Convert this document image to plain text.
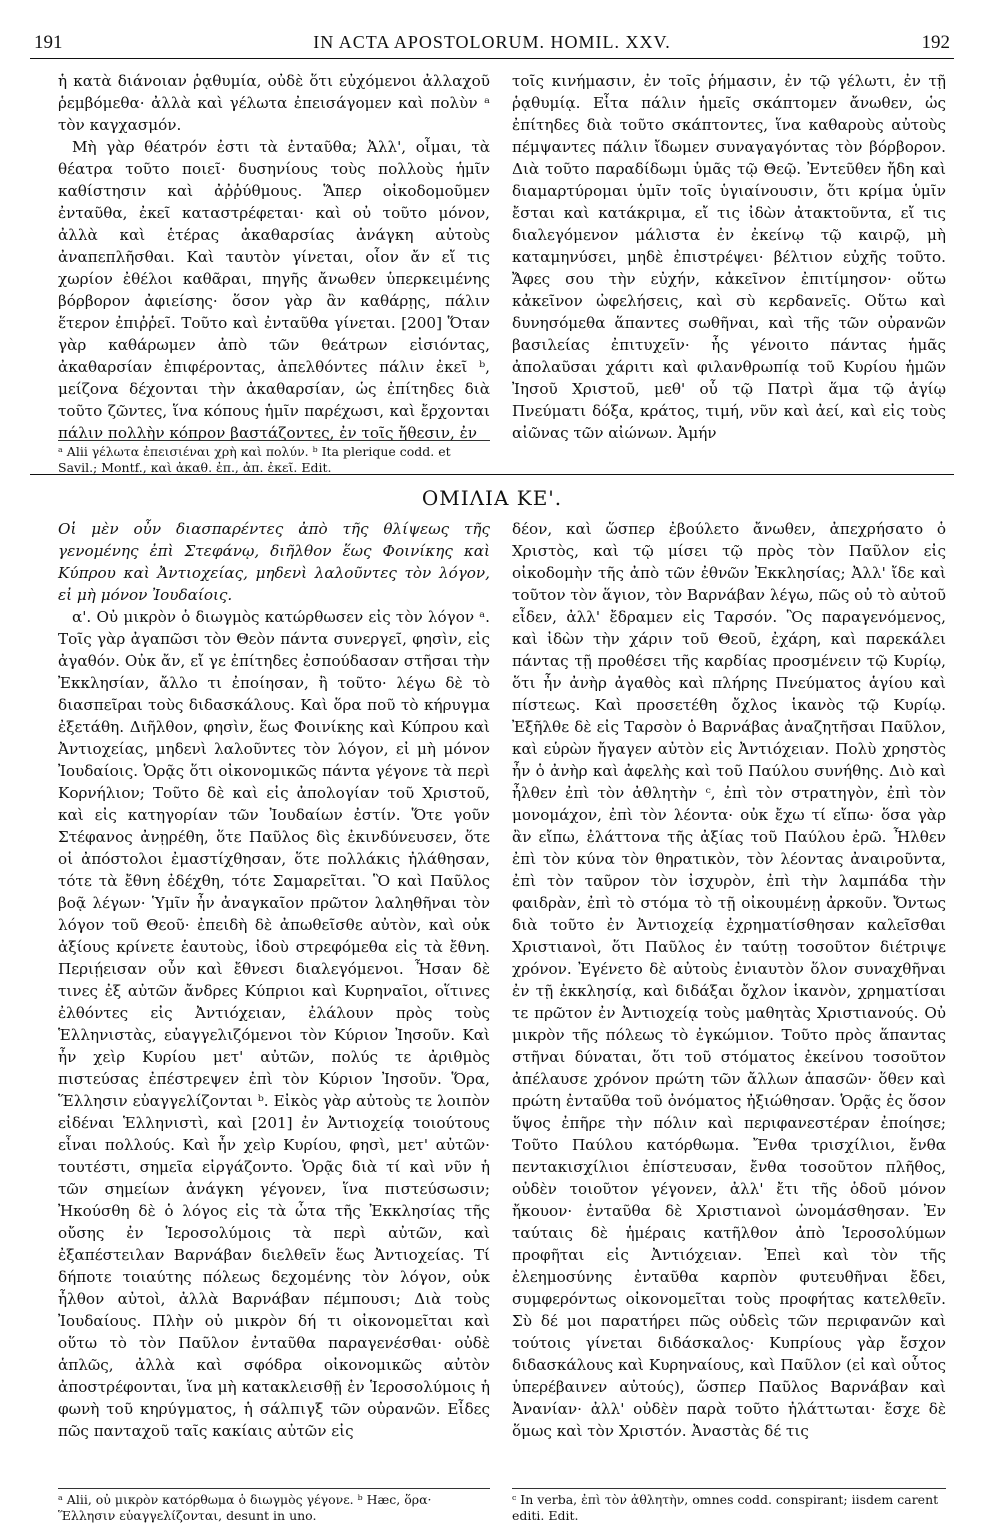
191	IN ACTA APOSTOLORUM. HOMIL. XXV.	192

ἡ κατὰ διάνοιαν ῥᾳθυμία, οὐδὲ ὅτι εὐχόμενοι ἀλλαχοῦ ῥεμβόμεθα· ἀλλὰ καὶ γέλωτα ἐπεισάγομεν καὶ πολὺν ᵃ τὸν καγχασμόν.

Μὴ γὰρ θέατρόν ἐστι τὰ ἐνταῦθα; Ἀλλ', οἶμαι, τὰ θέατρα τοῦτο ποιεῖ· δυσηνίους τοὺς πολλοὺς ἡμῖν καθίστησιν καὶ ἀῤῥύθμους. Ἅπερ οἰκοδομοῦμεν ἐνταῦθα, ἐκεῖ καταστρέφεται· καὶ οὐ τοῦτο μόνον, ἀλλὰ καὶ ἑτέρας ἀκαθαρσίας ἀνάγκη αὐτοὺς ἀναπεπλῆσθαι. Καὶ ταυτὸν γίνεται, οἷον ἄν εἴ τις χωρίον ἐθέλοι καθᾶραι, πηγῆς ἄνωθεν ὑπερκειμένης βόρβορον ἀφιείσης· ὅσον γὰρ ἂν καθάρῃς, πάλιν ἕτερον ἐπιῤῥεῖ. Τοῦτο καὶ ἐνταῦθα γίνεται. [200] Ὅταν γὰρ καθάρωμεν ἀπὸ τῶν θεάτρων εἰσιόντας, ἀκαθαρσίαν ἐπιφέροντας, ἀπελθόντες πάλιν ἐκεῖ ᵇ, μείζονα δέχονται τὴν ἀκαθαρσίαν, ὡς ἐπίτηδες διὰ τοῦτο ζῶντες, ἵνα κόπους ἡμῖν παρέχωσι, καὶ ἔρχονται πάλιν πολλὴν κόπρον βαστάζοντες, ἐν τοῖς ἤθεσιν, ἐν

ᵃ Alii γέλωτα ἐπεισιέναι χρὴ καὶ πολύν. ᵇ Ita plerique codd. et Savil.; Montf., καὶ ἀκαθ. ἐπ., ἀπ. ἐκεῖ. Edit.

τοῖς κινήμασιν, ἐν τοῖς ῥήμασιν, ἐν τῷ γέλωτι, ἐν τῇ ῥᾳθυμίᾳ. Εἶτα πάλιν ἡμεῖς σκάπτομεν ἄνωθεν, ὡς ἐπίτηδες διὰ τοῦτο σκάπτοντες, ἵνα καθαροὺς αὐτοὺς πέμψαντες πάλιν ἴδωμεν συναγαγόντας τὸν βόρβορον. Διὰ τοῦτο παραδίδωμι ὑμᾶς τῷ Θεῷ. Ἐντεῦθεν ἤδη καὶ διαμαρτύρομαι ὑμῖν τοῖς ὑγιαίνουσιν, ὅτι κρίμα ὑμῖν ἔσται καὶ κατάκριμα, εἴ τις ἰδὼν ἀτακτοῦντα, εἴ τις διαλεγόμενον μάλιστα ἐν ἐκείνῳ τῷ καιρῷ, μὴ καταμηνύσει, μηδὲ ἐπιστρέψει· βέλτιον εὐχῆς τοῦτο. Ἄφες σου τὴν εὐχήν, κἀκεῖνον ἐπιτίμησον· οὕτω κἀκεῖνον ὠφελήσεις, καὶ σὺ κερδανεῖς. Οὕτω καὶ δυνησόμεθα ἅπαντες σωθῆναι, καὶ τῆς τῶν οὐρανῶν βασιλείας ἐπιτυχεῖν· ἧς γένοιτο πάντας ἡμᾶς ἀπολαῦσαι χάριτι καὶ φιλανθρωπίᾳ τοῦ Κυρίου ἡμῶν Ἰησοῦ Χριστοῦ, μεθ' οὗ τῷ Πατρὶ ἅμα τῷ ἁγίῳ Πνεύματι δόξα, κράτος, τιμή, νῦν καὶ ἀεί, καὶ εἰς τοὺς αἰῶνας τῶν αἰώνων. Ἀμήν

ΟΜΙΛΙΑ ΚΕ'.

Οἱ μὲν οὖν διασπαρέντες ἀπὸ τῆς θλίψεως τῆς γενομένης ἐπὶ Στεφάνῳ, διῆλθον ἕως Φοινίκης καὶ Κύπρου καὶ Ἀντιοχείας, μηδενὶ λαλοῦντες τὸν λόγον, εἰ μὴ μόνον Ἰουδαίοις.

α'. Οὐ μικρὸν ὁ διωγμὸς κατώρθωσεν εἰς τὸν λόγον ᵃ. Τοῖς γὰρ ἀγαπῶσι τὸν Θεὸν πάντα συνεργεῖ, φησὶν, εἰς ἀγαθόν. Οὐκ ἄν, εἴ γε ἐπίτηδες ἐσπούδασαν στῆσαι τὴν Ἐκκλησίαν, ἄλλο τι ἐποίησαν, ἢ τοῦτο· λέγω δὲ τὸ διασπεῖραι τοὺς διδασκάλους. Καὶ ὅρα ποῦ τὸ κήρυγμα ἐξετάθη. Διῆλθον, φησὶν, ἕως Φοινίκης καὶ Κύπρου καὶ Ἀντιοχείας, μηδενὶ λαλοῦντες τὸν λόγον, εἰ μὴ μόνον Ἰουδαίοις. Ὁρᾷς ὅτι οἰκονομικῶς πάντα γέγονε τὰ περὶ Κορνήλιον; Τοῦτο δὲ καὶ εἰς ἀπολογίαν τοῦ Χριστοῦ, καὶ εἰς κατηγορίαν τῶν Ἰουδαίων ἐστίν. Ὅτε γοῦν Στέφανος ἀνῃρέθη, ὅτε Παῦλος δὶς ἐκινδύνευσεν, ὅτε οἱ ἀπόστολοι ἐμαστίχθησαν, ὅτε πολλάκις ἠλάθησαν, τότε τὰ ἔθνη ἐδέχθη, τότε Σαμαρεῖται. Ὃ καὶ Παῦλος βοᾷ λέγων· Ὑμῖν ἦν ἀναγκαῖον πρῶτον λαληθῆναι τὸν λόγον τοῦ Θεοῦ· ἐπειδὴ δὲ ἀπωθεῖσθε αὐτὸν, καὶ οὐκ ἀξίους κρίνετε ἑαυτοὺς, ἰδοὺ στρεφόμεθα εἰς τὰ ἔθνη. Περιῄεισαν οὖν καὶ ἔθνεσι διαλεγόμενοι. Ἦσαν δὲ τινες ἐξ αὐτῶν ἄνδρες Κύπριοι καὶ Κυρηναῖοι, οἵτινες ἐλθόντες εἰς Ἀντιόχειαν, ἐλάλουν πρὸς τοὺς Ἑλληνιστὰς, εὐαγγελιζόμενοι τὸν Κύριον Ἰησοῦν. Καὶ ἦν χεὶρ Κυρίου μετ' αὐτῶν, πολύς τε ἀριθμὸς πιστεύσας ἐπέστρεψεν ἐπὶ τὸν Κύριον Ἰησοῦν. Ὅρα, Ἕλλησιν εὐαγγελίζονται ᵇ. Εἰκὸς γὰρ αὐτοὺς τε λοιπὸν εἰδέναι Ἑλληνιστὶ, καὶ [201] ἐν Ἀντιοχείᾳ τοιούτους εἶναι πολλούς. Καὶ ἦν χεὶρ Κυρίου, φησὶ, μετ' αὐτῶν· τουτέστι, σημεῖα εἰργάζοντο. Ὁρᾷς διὰ τί καὶ νῦν ἡ τῶν σημείων ἀνάγκη γέγονεν, ἵνα πιστεύσωσιν; Ἠκούσθη δὲ ὁ λόγος εἰς τὰ ὦτα τῆς Ἐκκλησίας τῆς οὔσης ἐν Ἱεροσολύμοις τὰ περὶ αὐτῶν, καὶ ἐξαπέστειλαν Βαρνάβαν διελθεῖν ἕως Ἀντιοχείας. Τί δήποτε τοιαύτης πόλεως δεχομένης τὸν λόγον, οὐκ ἦλθον αὐτοὶ, ἀλλὰ Βαρνάβαν πέμπουσι; Διὰ τοὺς Ἰουδαίους. Πλὴν οὐ μικρὸν δή τι οἰκονομεῖται καὶ οὕτω τὸ τὸν Παῦλον ἐνταῦθα παραγενέσθαι· οὐδὲ ἁπλῶς, ἀλλὰ καὶ σφόδρα οἰκονομικῶς αὐτὸν ἀποστρέφονται, ἵνα μὴ κατακλεισθῇ ἐν Ἱεροσολύμοις ἡ φωνὴ τοῦ κηρύγματος, ἡ σάλπιγξ τῶν οὐρανῶν. Εἶδες πῶς πανταχοῦ ταῖς κακίαις αὐτῶν εἰς

ᵃ Alii, οὐ μικρὸν κατόρθωμα ὁ διωγμὸς γέγονε. ᵇ Hæc, ὅρα· Ἕλλησιν εὐαγγελίζονται, desunt in uno.

δέον, καὶ ὥσπερ ἐβούλετο ἄνωθεν, ἀπεχρήσατο ὁ Χριστὸς, καὶ τῷ μίσει τῷ πρὸς τὸν Παῦλον εἰς οἰκοδομὴν τῆς ἀπὸ τῶν ἐθνῶν Ἐκκλησίας; Ἀλλ' ἴδε καὶ τοῦτον τὸν ἅγιον, τὸν Βαρνάβαν λέγω, πῶς οὐ τὸ αὐτοῦ εἶδεν, ἀλλ' ἔδραμεν εἰς Ταρσόν. Ὃς παραγενόμενος, καὶ ἰδὼν τὴν χάριν τοῦ Θεοῦ, ἐχάρη, καὶ παρεκάλει πάντας τῇ προθέσει τῆς καρδίας προσμένειν τῷ Κυρίῳ, ὅτι ἦν ἀνὴρ ἀγαθὸς καὶ πλήρης Πνεύματος ἁγίου καὶ πίστεως. Καὶ προσετέθη ὄχλος ἱκανὸς τῷ Κυρίῳ. Ἐξῆλθε δὲ εἰς Ταρσὸν ὁ Βαρνάβας ἀναζητῆσαι Παῦλον, καὶ εὑρὼν ἤγαγεν αὐτὸν εἰς Ἀντιόχειαν. Πολὺ χρηστὸς ἦν ὁ ἀνὴρ καὶ ἀφελὴς καὶ τοῦ Παύλου συνήθης. Διὸ καὶ ἦλθεν ἐπὶ τὸν ἀθλητὴν ᶜ, ἐπὶ τὸν στρατηγὸν, ἐπὶ τὸν μονομάχον, ἐπὶ τὸν λέοντα· οὐκ ἔχω τί εἴπω· ὅσα γὰρ ἂν εἴπω, ἐλάττονα τῆς ἀξίας τοῦ Παύλου ἐρῶ. Ἦλθεν ἐπὶ τὸν κύνα τὸν θηρατικὸν, τὸν λέοντας ἀναιροῦντα, ἐπὶ τὸν ταῦρον τὸν ἰσχυρὸν, ἐπὶ τὴν λαμπάδα τὴν φαιδρὰν, ἐπὶ τὸ στόμα τὸ τῇ οἰκουμένῃ ἀρκοῦν. Ὄντως διὰ τοῦτο ἐν Ἀντιοχείᾳ ἐχρηματίσθησαν καλεῖσθαι Χριστιανοὶ, ὅτι Παῦλος ἐν ταύτῃ τοσοῦτον διέτριψε χρόνον. Ἐγένετο δὲ αὐτοὺς ἐνιαυτὸν ὅλον συναχθῆναι ἐν τῇ ἐκκλησίᾳ, καὶ διδάξαι ὄχλον ἱκανὸν, χρηματίσαι τε πρῶτον ἐν Ἀντιοχείᾳ τοὺς μαθητὰς Χριστιανούς. Οὐ μικρὸν τῆς πόλεως τὸ ἐγκώμιον. Τοῦτο πρὸς ἅπαντας στῆναι δύναται, ὅτι τοῦ στόματος ἐκείνου τοσοῦτον ἀπέλαυσε χρόνον πρώτη τῶν ἄλλων ἁπασῶν· ὅθεν καὶ πρώτη ἐνταῦθα τοῦ ὀνόματος ἠξιώθησαν. Ὁρᾷς ἐς ὅσον ὕψος ἐπῆρε τὴν πόλιν καὶ περιφανεστέραν ἐποίησε; Τοῦτο Παύλου κατόρθωμα. Ἔνθα τρισχίλιοι, ἔνθα πεντακισχίλιοι ἐπίστευσαν, ἔνθα τοσοῦτον πλῆθος, οὐδὲν τοιοῦτον γέγονεν, ἀλλ' ἔτι τῆς ὁδοῦ μόνον ἤκουον· ἐνταῦθα δὲ Χριστιανοὶ ὠνομάσθησαν. Ἐν ταύταις δὲ ἡμέραις κατῆλθον ἀπὸ Ἱεροσολύμων προφῆται εἰς Ἀντιόχειαν. Ἐπεὶ καὶ τὸν τῆς ἐλεημοσύνης ἐνταῦθα καρπὸν φυτευθῆναι ἔδει, συμφερόντως οἰκονομεῖται τοὺς προφήτας κατελθεῖν. Σὺ δέ μοι παρατήρει πῶς οὐδεὶς τῶν περιφανῶν καὶ τούτοις γίνεται διδάσκαλος· Κυπρίους γὰρ ἔσχον διδασκάλους καὶ Κυρηναίους, καὶ Παῦλον (εἰ καὶ οὗτος ὑπερέβαινεν αὐτούς), ὥσπερ Παῦλος Βαρνάβαν καὶ Ἀνανίαν· ἀλλ' οὐδὲν παρὰ τοῦτο ἠλάττωται· ἔσχε δὲ ὅμως καὶ τὸν Χριστόν. Ἀναστὰς δέ τις

ᶜ In verba, ἐπὶ τὸν ἀθλητὴν, omnes codd. conspirant; iisdem carent editi. Edit.
